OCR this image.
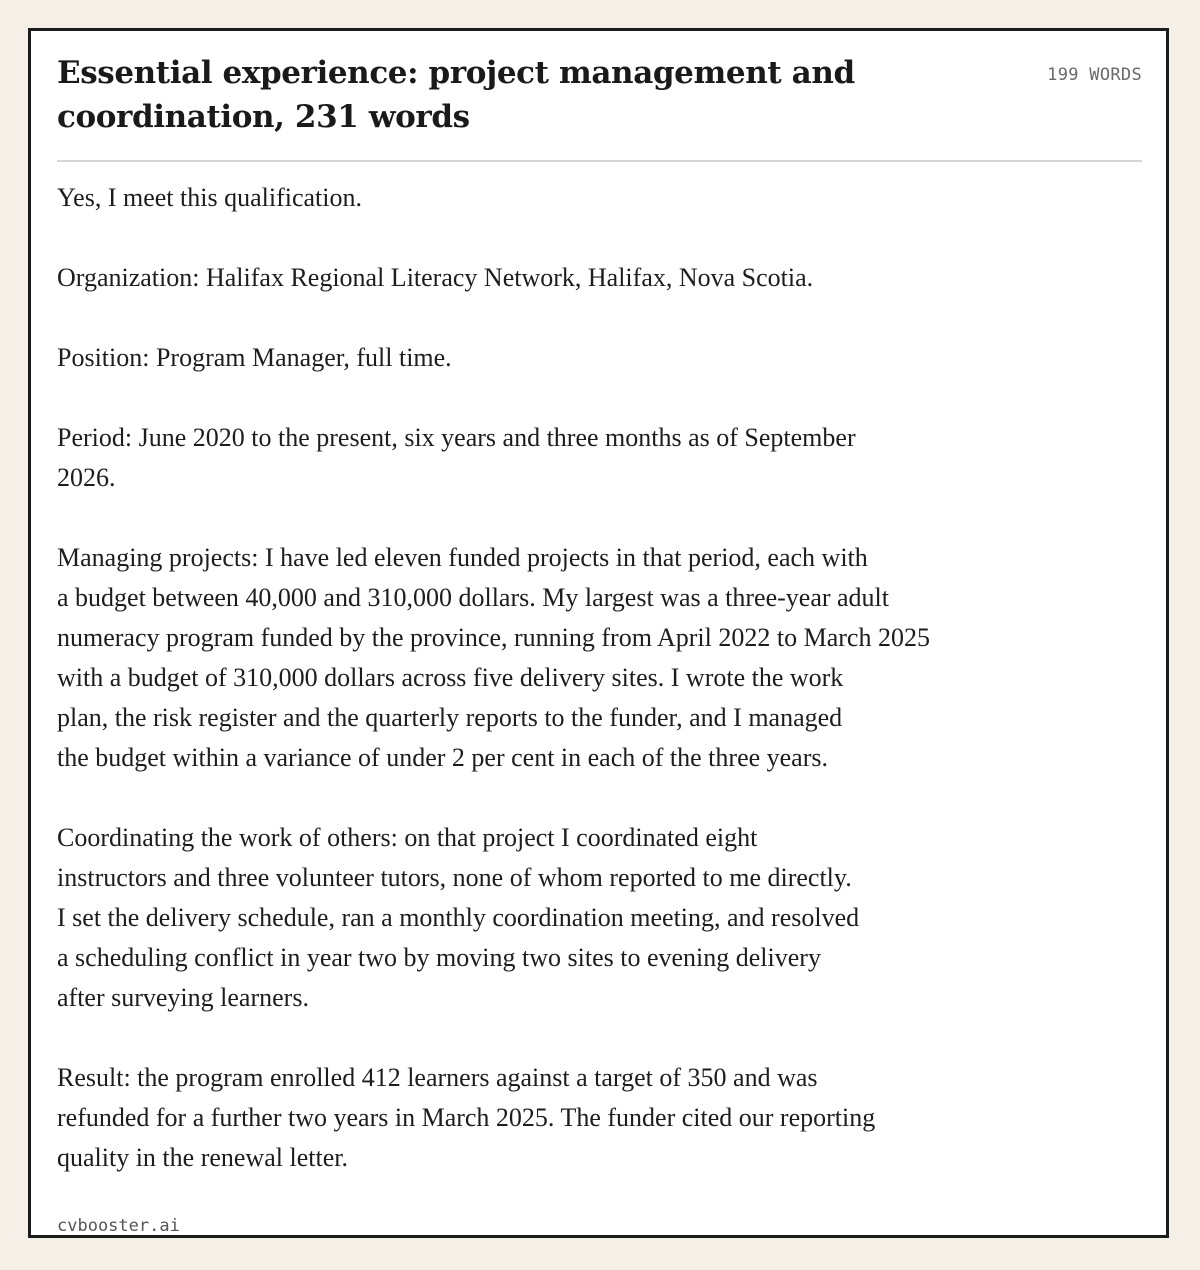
Essential experience: project management and coordination, 231 words
199 WORDS

Yes, I meet this qualification.

Organization: Halifax Regional Literacy Network, Halifax, Nova Scotia.

Position: Program Manager, full time.

Period: June 2020 to the present, six years and three months as of September
2026.

Managing projects: I have led eleven funded projects in that period, each with
a budget between 40,000 and 310,000 dollars. My largest was a three-year adult
numeracy program funded by the province, running from April 2022 to March 2025
with a budget of 310,000 dollars across five delivery sites. I wrote the work
plan, the risk register and the quarterly reports to the funder, and I managed
the budget within a variance of under 2 per cent in each of the three years.

Coordinating the work of others: on that project I coordinated eight
instructors and three volunteer tutors, none of whom reported to me directly.
I set the delivery schedule, ran a monthly coordination meeting, and resolved
a scheduling conflict in year two by moving two sites to evening delivery
after surveying learners.

Result: the program enrolled 412 learners against a target of 350 and was
refunded for a further two years in March 2025. The funder cited our reporting
quality in the renewal letter.

cvbooster.ai
